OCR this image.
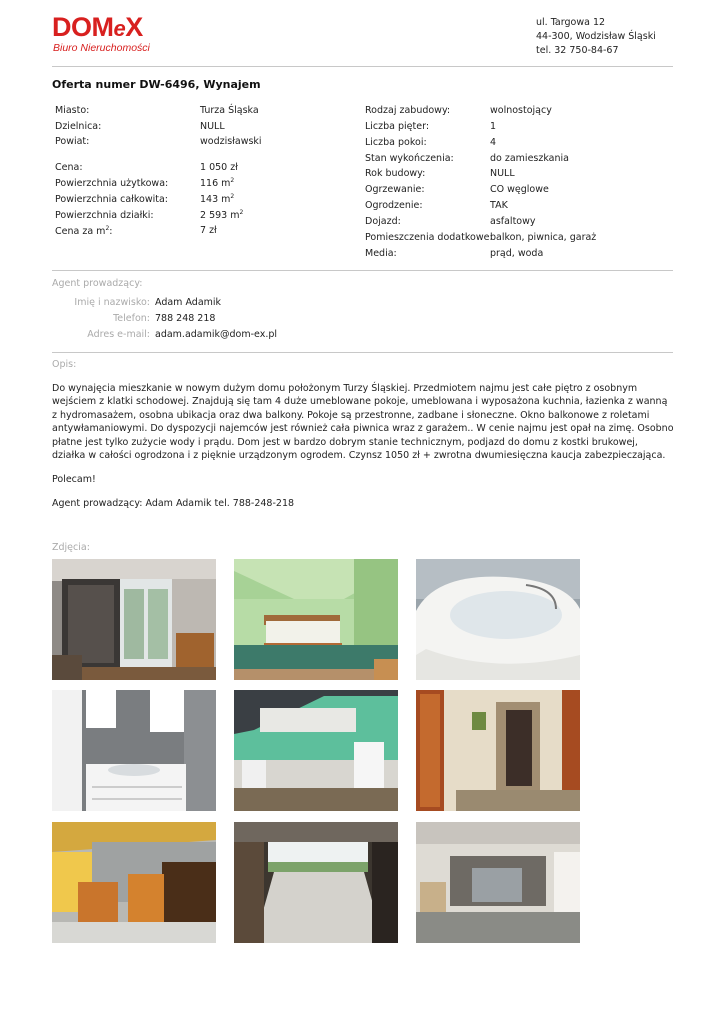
DOMeX
Biuro Nieruchomości
ul. Targowa 12
44-300, Wodzisław Śląski
tel. 32 750-84-67
Oferta numer DW-6496, Wynajem
Miasto:	Turza Śląska
Dzielnica:	NULL
Powiat:	wodzisławski
Cena:	1 050 zł
Powierzchnia użytkowa:	116 $m^2$
Powierzchnia całkowita:	143 $m^2$
Powierzchnia działki:	2 593 $m^2$
Cena za $m^2$:	7 zł
Rodzaj zabudowy:	wolnostojący
Liczba pięter:	1
Liczba pokoi:	4
Stan wykończenia:	do zamieszkania
Rok budowy:	NULL
Ogrzewanie:	CO węglowe
Ogrodzenie:	TAK
Dojazd:	asfaltowy
Pomieszczenia dodatkowe:
balkon, piwnica, garaż
Media:	prąd, woda
Agent prowadzący:
Imię i nazwisko: Adam Adamik
Telefon: 788 248 218
Adres e-mail: adam.adamik@dom-ex.pl
Opis:
Do wynajęcia mieszkanie w nowym dużym domu położonym Turzy Śląskiej. Przedmiotem najmu jest całe piętro z osobnym wejściem z klatki schodowej. Znajdują się tam 4 duże umeblowane pokoje, umeblowana i wyposażona kuchnia, łazienka z wanną z hydromasażem, osobna ubikacja oraz dwa balkony. Pokoje są przestronne, zadbane i słoneczne. Okno balkonowe z roletami antywłamaniowymi. Do dyspozycji najemców jest również cała piwnica wraz z garażem.. W cenie najmu jest opał na zimę. Osobno płatne jest tylko zużycie wody i prądu. Dom jest w bardzo dobrym stanie technicznym, podjazd do domu z kostki brukowej, działka w całości ogrodzona i z pięknie urządzonym ogrodem. Czynsz 1050 zł + zwrotna dwumiesięczna kaucja zabezpieczająca.
Polecam!
Agent prowadzący: Adam Adamik tel. 788-248-218
Zdjęcia:
